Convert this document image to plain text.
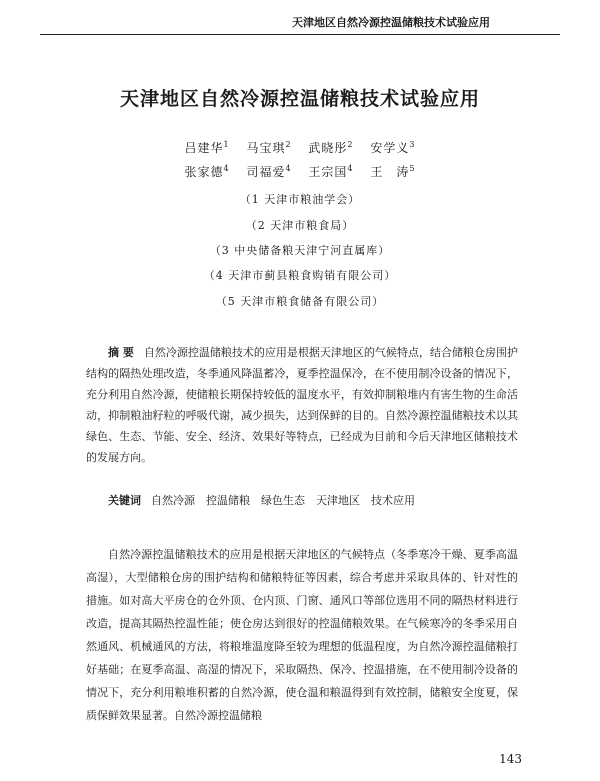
天津地区自然冷源控温储粮技术试验应用
天津地区自然冷源控温储粮技术试验应用
吕建华$^1$ 马宝琪$^2$ 武晓彤$^2$ 安学义$^3$
张家德$^4$ 司福爱$^4$ 王宗国$^4$ 王　涛$^5$
（1 天津市粮油学会）
（2 天津市粮食局）
（3 中央储备粮天津宁河直属库）
（4 天津市蓟县粮食购销有限公司）
（5 天津市粮食储备有限公司）
摘 要 自然冷源控温储粮技术的应用是根据天津地区的气候特点，结合储粮仓房围护结构的隔热处理改造，冬季通风降温蓄冷，夏季控温保冷，在不使用制冷设备的情况下，充分利用自然冷源，使储粮长期保持较低的温度水平，有效抑制粮堆内有害生物的生命活动，抑制粮油籽粒的呼吸代谢，减少损失，达到保鲜的目的。自然冷源控温储粮技术以其绿色、生态、节能、安全、经济、效果好等特点，已经成为目前和今后天津地区储粮技术的发展方向。
关键词 自然冷源　控温储粮　绿色生态　天津地区　技术应用
自然冷源控温储粮技术的应用是根据天津地区的气候特点（冬季寒冷干燥、夏季高温高湿），大型储粮仓房的围护结构和储粮特征等因素，综合考虑并采取具体的、针对性的措施。如对高大平房仓的仓外顶、仓内顶、门窗、通风口等部位选用不同的隔热材料进行改造，提高其隔热控温性能；使仓房达到很好的控温储粮效果。在气候寒冷的冬季采用自然通风、机械通风的方法，将粮堆温度降至较为理想的低温程度，为自然冷源控温储粮打好基础；在夏季高温、高湿的情况下，采取隔热、保冷、控温措施，在不使用制冷设备的情况下，充分利用粮堆积蓄的自然冷源，使仓温和粮温得到有效控制，储粮安全度夏，保质保鲜效果显著。自然冷源控温储粮
143
